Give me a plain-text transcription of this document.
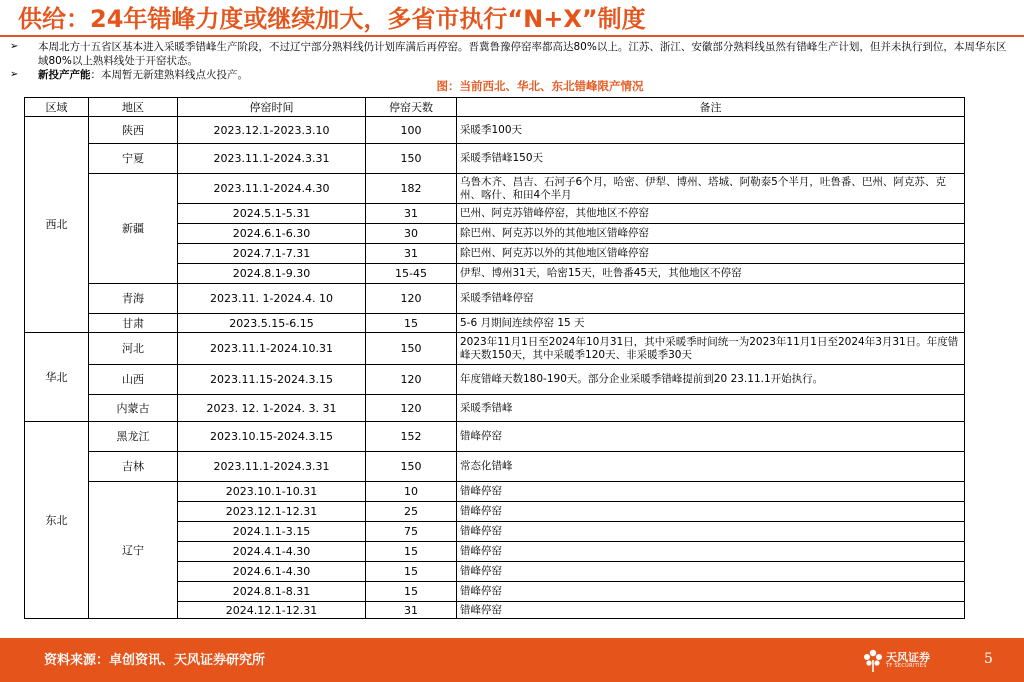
供给：24年错峰力度或继续加大，多省市执行“N+X”制度
➢ 本周北方十五省区基本进入采暖季错峰生产阶段，不过辽宁部分熟料线仍计划库满后再停窑。晋冀鲁豫停窑率都高达80%以上。江苏、浙江、安徽部分熟料线虽然有错峰生产计划，但并未执行到位，本周华东区域80%以上熟料线处于开窑状态。
➢ 新投产产能：本周暂无新建熟料线点火投产。
图：当前西北、华北、东北错峰限产情况
区域	地区	停窑时间	停窑天数	备注
西北	陕西	2023.12.1-2023.3.10	100	采暖季100天
	宁夏	2023.11.1-2024.3.31	150	采暖季错峰150天
	新疆	2023.11.1-2024.4.30	182	乌鲁木齐、昌吉、石河子6个月，哈密、伊犁、博州、塔城、阿勒泰5个半月，吐鲁番、巴州、阿克苏、克州、喀什、和田4个半月
		2024.5.1-5.31	31	巴州、阿克苏错峰停窑，其他地区不停窑
		2024.6.1-6.30	30	除巴州、阿克苏以外的其他地区错峰停窑
		2024.7.1-7.31	31	除巴州、阿克苏以外的其他地区错峰停窑
		2024.8.1-9.30	15-45	伊犁、博州31天，哈密15天，吐鲁番45天，其他地区不停窑
	青海	2023.11. 1-2024.4. 10	120	采暖季错峰停窑
	甘肃	2023.5.15-6.15	15	5-6 月期间连续停窑 15 天
华北	河北	2023.11.1-2024.10.31	150	2023年11月1日至2024年10月31日，其中采暖季时间统一为2023年11月1日至2024年3月31日。年度错峰天数150天，其中采暖季120天、非采暖季30天
	山西	2023.11.15-2024.3.15	120	年度错峰天数180-190天。部分企业采暖季错峰提前到20 23.11.1开始执行。
	内蒙古	2023. 12. 1-2024. 3. 31	120	采暖季错峰
东北	黑龙江	2023.10.15-2024.3.15	152	错峰停窑
	吉林	2023.11.1-2024.3.31	150	常态化错峰
	辽宁	2023.10.1-10.31	10	错峰停窑
		2023.12.1-12.31	25	错峰停窑
		2024.1.1-3.15	75	错峰停窑
		2024.4.1-4.30	15	错峰停窑
		2024.6.1-4.30	15	错峰停窑
		2024.8.1-8.31	15	错峰停窑
		2024.12.1-12.31	31	错峰停窑
资料来源：卓创资讯、天风证券研究所	天风证券
TF SECURITIES	5
